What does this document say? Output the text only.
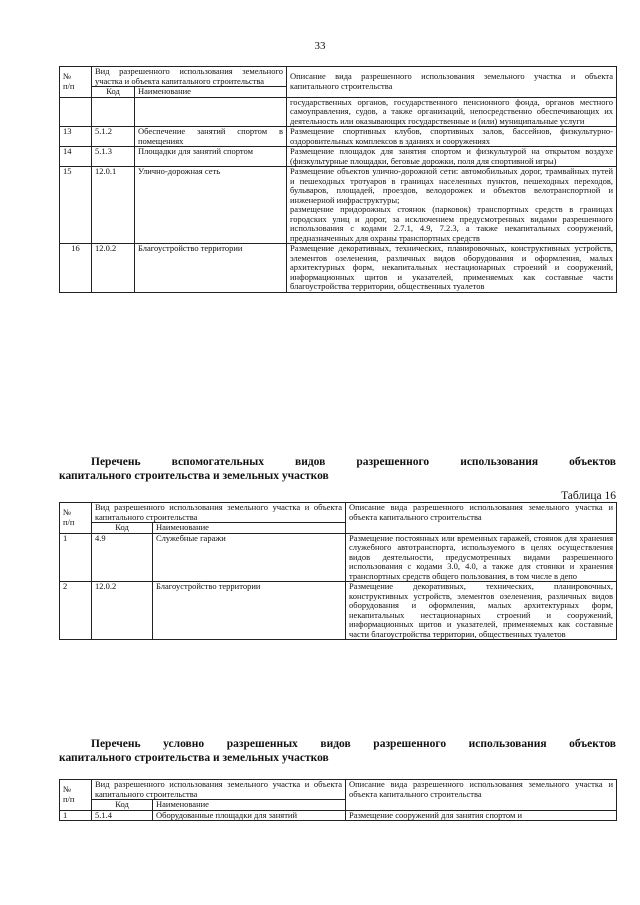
33
№
п/п	Вид разрешенного использования земельного участка и объекта капитального строительства		Описание вида разрешенного использования земельного участка и объекта капитального строительства
	Код	Наименование	
			государственных органов, государственного пенсионного фонда, органов местного самоуправления, судов, а также организаций, непосредственно обеспечивающих их деятельность или оказывающих государственные и (или) муниципальные услуги
13	5.1.2	Обеспечение занятий спортом в помещениях	Размещение спортивных клубов, спортивных залов, бассейнов, физкультурно-оздоровительных комплексов в зданиях и сооружениях
14	5.1.3	Площадки для занятий спортом	Размещение площадок для занятия спортом и физкультурой на открытом воздухе (физкультурные площадки, беговые дорожки, поля для спортивной игры)
15	12.0.1	Улично-дорожная сеть	Размещение объектов улично-дорожной сети: автомобильных дорог, трамвайных путей и пешеходных тротуаров в границах населенных пунктов, пешеходных переходов, бульваров, площадей, проездов, велодорожек и объектов велотранспортной и инженерной инфраструктуры;
размещение придорожных стоянок (парковок) транспортных средств в границах городских улиц и дорог, за исключением предусмотренных видами разрешенного использования с кодами 2.7.1, 4.9, 7.2.3, а также некапитальных сооружений, предназначенных для охраны транспортных средств
16	12.0.2	Благоустройство территории	Размещение декоративных, технических, планировочных, конструктивных устройств, элементов озеленения, различных видов оборудования и оформления, малых архитектурных форм, некапитальных нестационарных строений и сооружений, информационных щитов и указателей, применяемых как составные части благоустройства территории, общественных туалетов
Перечень вспомогательных видов разрешенного использования объектов
капитального строительства и земельных участков
Таблица 16
№
п/п	Вид разрешенного использования земельного участка и объекта капитального строительства		Описание вида разрешенного использования земельного участка и объекта капитального строительства
	Код	Наименование	
1	4.9	Служебные гаражи	Размещение постоянных или временных гаражей, стоянок для хранения служебного автотранспорта, используемого в целях осуществления видов деятельности, предусмотренных видами разрешенного использования с кодами 3.0, 4.0, а также для стоянки и хранения транспортных средств общего пользования, в том числе в депо
2	12.0.2	Благоустройство территории	Размещение декоративных, технических, планировочных, конструктивных устройств, элементов озеленения, различных видов оборудования и оформления, малых архитектурных форм, некапитальных нестационарных строений и сооружений, информационных щитов и указателей, применяемых как составные части благоустройства территории, общественных туалетов
Перечень условно разрешенных видов разрешенного использования объектов
капитального строительства и земельных участков
№
п/п	Вид разрешенного использования земельного участка и объекта капитального строительства		Описание вида разрешенного использования земельного участка и объекта капитального строительства
	Код	Наименование	
1	5.1.4	Оборудованные площадки для занятий	Размещение сооружений для занятия спортом и
